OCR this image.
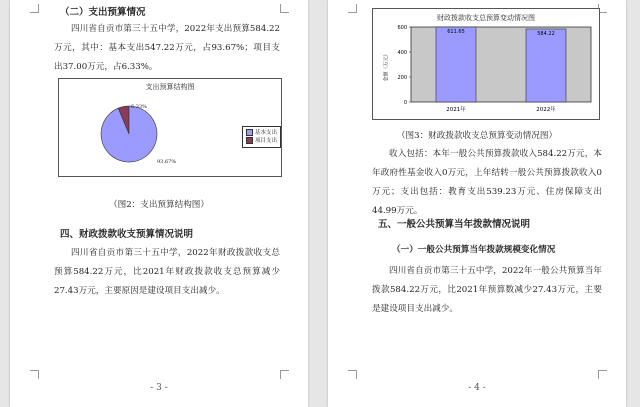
（二）支出预算情况
四川省自贡市第三十五中学，2022年支出预算584.22万元，其中：基本支出547.22万元，占93.67%；项目支出37.00万元，占6.33%。
支出预算结构图
6.33%
93.67%
基本支出
项目支出
（图2：支出预算结构图）
四、财政拨款收支预算情况说明
四川省自贡市第三十五中学，2022年财政拨款收支总预算584.22万元，比2021年财政拨款收支总预算减少27.43万元，主要原因是建设项目支出减少。
- 3 -
财政拨款收支总预算变动情况图
金额（万元）
600
400
200
0
611.65
2021年
584.22
2022年
（图3：财政拨款收支总预算变动情况图）
收入包括：本年一般公共预算拨款收入584.22万元，本年政府性基金收入0万元，上年结转一般公共预算拨款收入0万元；支出包括：教育支出539.23万元、住房保障支出44.99万元。
五、一般公共预算当年拨款情况说明
（一）一般公共预算当年拨款规模变化情况
四川省自贡市第三十五中学，2022年一般公共预算当年拨款584.22万元，比2021年预算数减少27.43万元，主要是建设项目支出减少。
- 4 -
